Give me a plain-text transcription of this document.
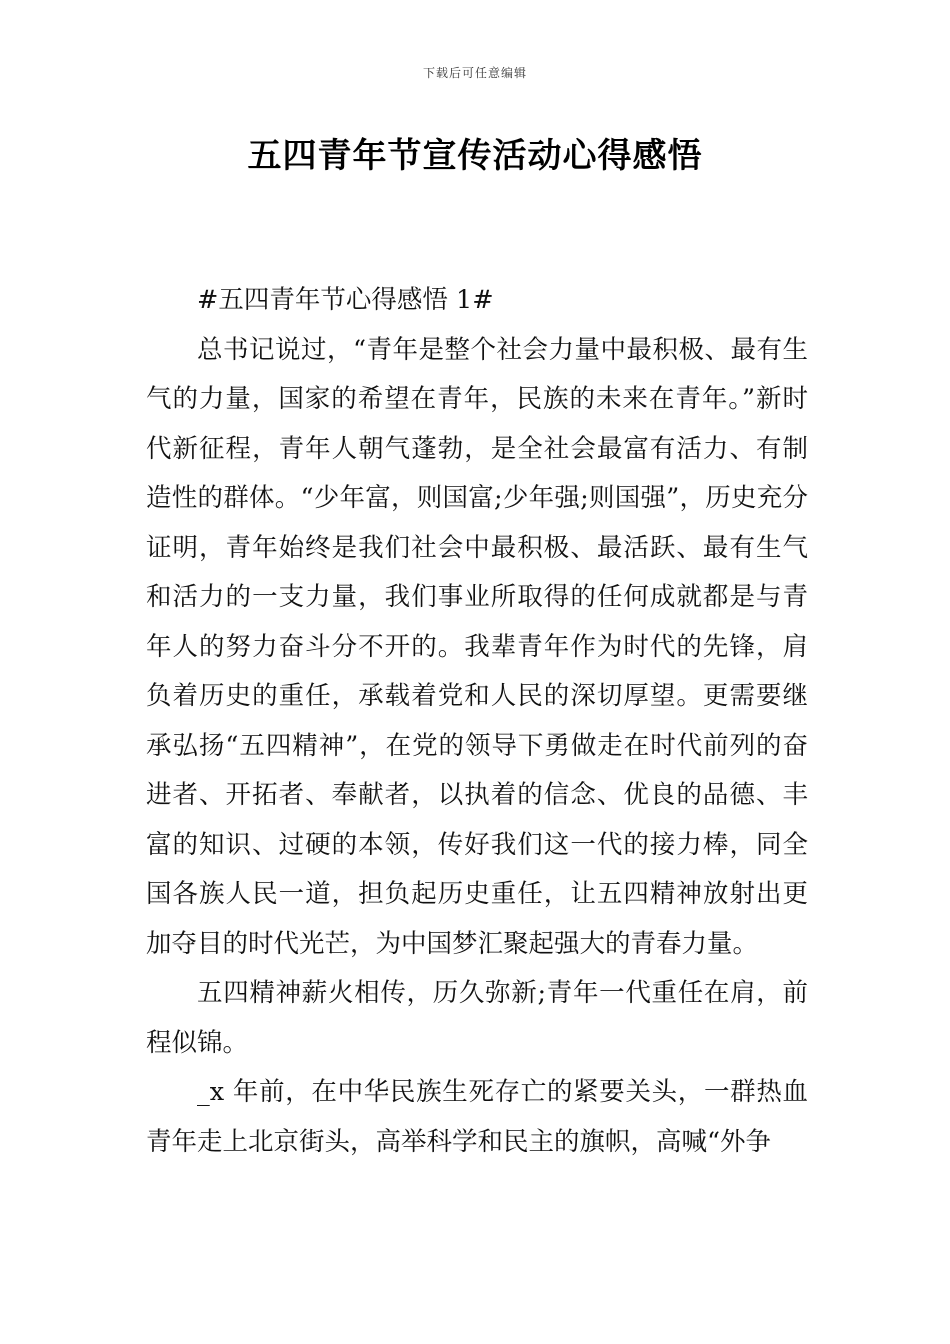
下载后可任意编辑
五四青年节宣传活动心得感悟

#五四青年节心得感悟 1#

总书记说过，“青年是整个社会力量中最积极、最有生气的力量，国家的希望在青年，民族的未来在青年。”新时代新征程，青年人朝气蓬勃，是全社会最富有活力、有制造性的群体。“少年富，则国富;少年强;则国强”，历史充分证明，青年始终是我们社会中最积极、最活跃、最有生气和活力的一支力量，我们事业所取得的任何成就都是与青年人的努力奋斗分不开的。我辈青年作为时代的先锋，肩负着历史的重任，承载着党和人民的深切厚望。更需要继承弘扬“五四精神”，在党的领导下勇做走在时代前列的奋进者、开拓者、奉献者，以执着的信念、优良的品德、丰富的知识、过硬的本领，传好我们这一代的接力棒，同全国各族人民一道，担负起历史重任，让五四精神放射出更加夺目的时代光芒，为中国梦汇聚起强大的青春力量。

五四精神薪火相传，历久弥新;青年一代重任在肩，前程似锦。

_x 年前，在中华民族生死存亡的紧要关头，一群热血青年走上北京街头，高举科学和民主的旗帜，高喊“外争
